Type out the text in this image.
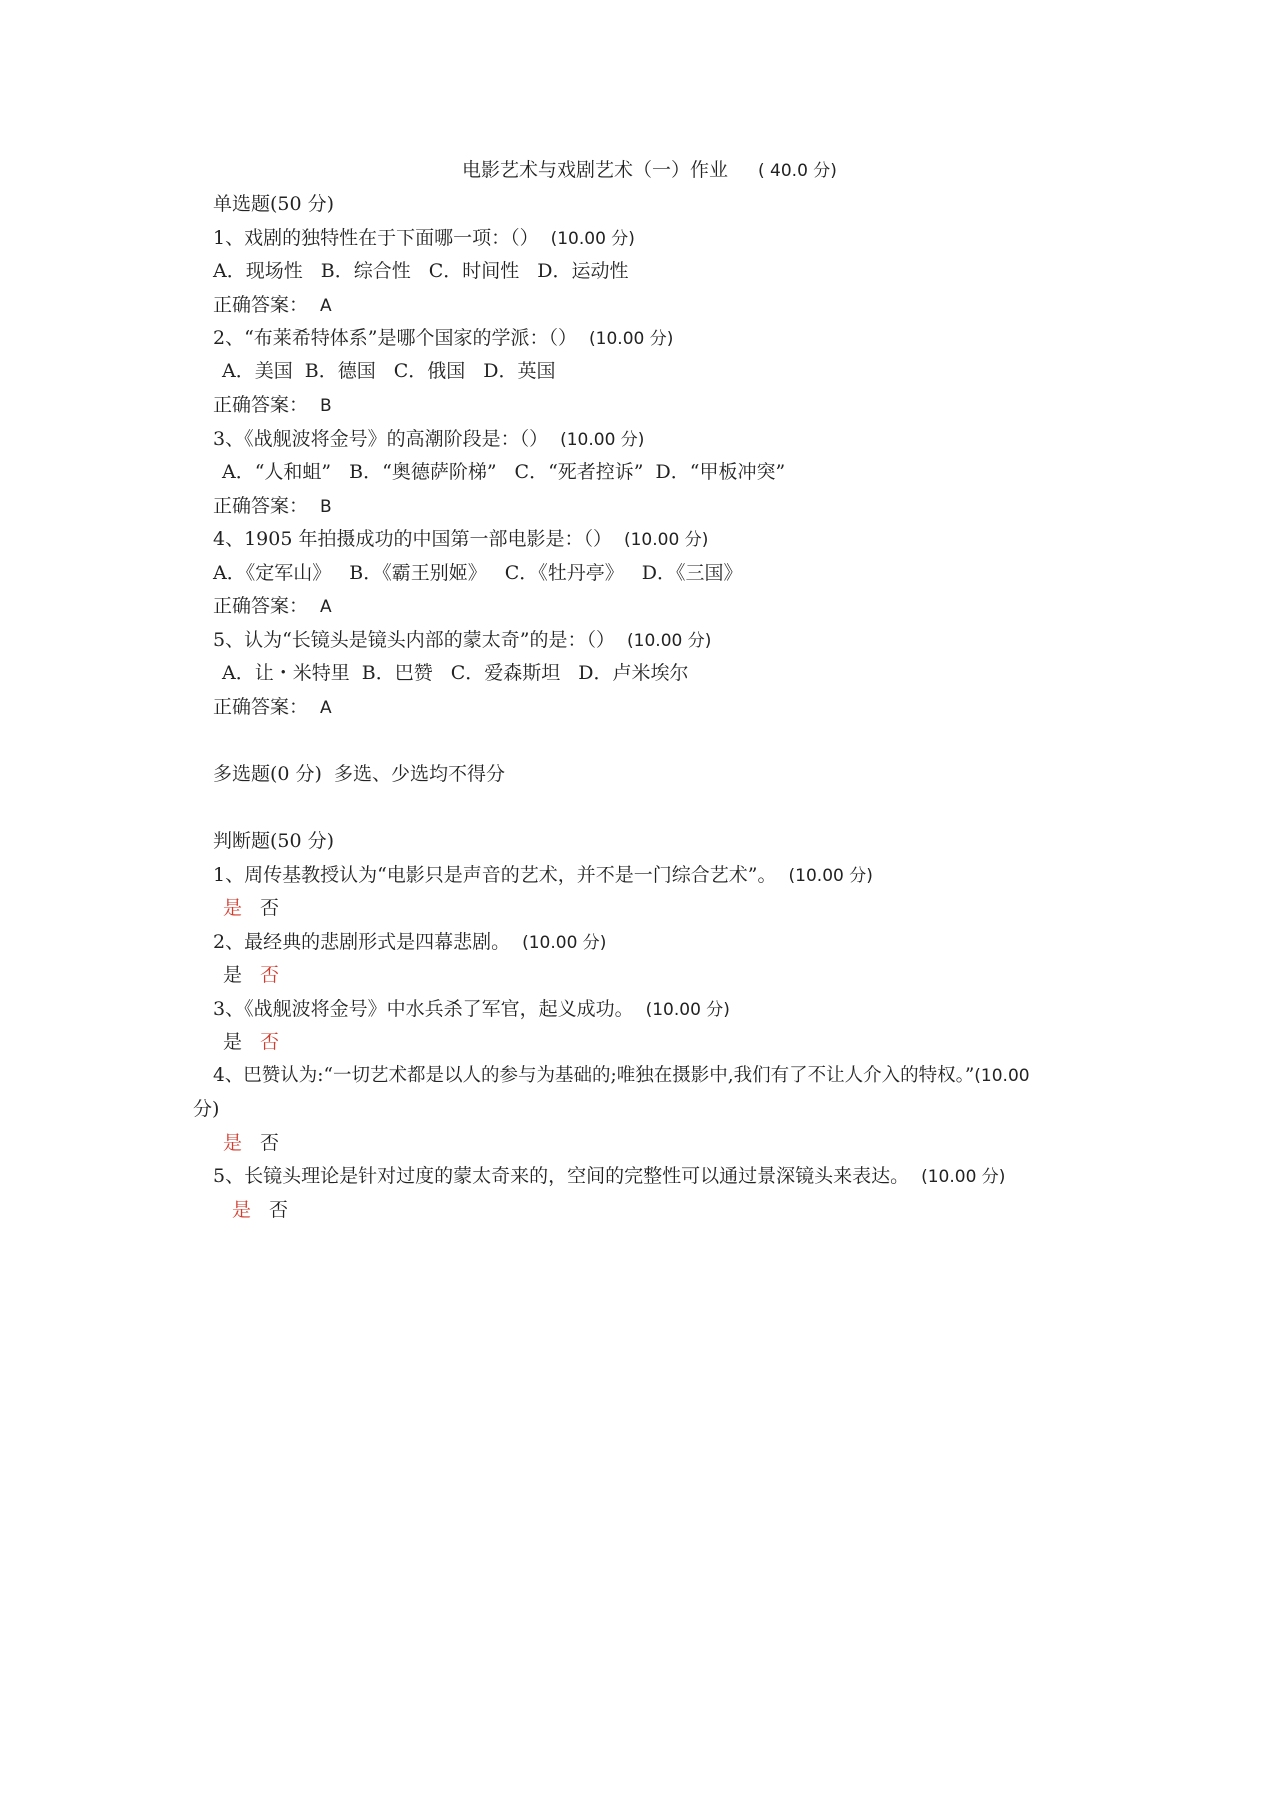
电影艺术与戏剧艺术（一）作业 ( 40.0 分)
单选题(50 分)
1、戏剧的独特性在于下面哪一项：（） (10.00 分)
A．现场性 B．综合性 C．时间性 D．运动性
正确答案： A
2、“布莱希特体系”是哪个国家的学派：（） (10.00 分)
A．美国 B．德国 C．俄国 D．英国
正确答案： B
3、《战舰波将金号》的高潮阶段是：（） (10.00 分)
A．“人和蛆” B．“奥德萨阶梯” C．“死者控诉” D．“甲板冲突”
正确答案： B
4、1905 年拍摄成功的中国第一部电影是：（） (10.00 分)
A．《定军山》 B．《霸王别姬》 C．《牡丹亭》 D．《三国》
正确答案： A
5、认为“长镜头是镜头内部的蒙太奇”的是：（） (10.00 分)
A．让・米特里 B．巴赞 C．爱森斯坦 D．卢米埃尔
正确答案： A
多选题(0 分) 多选、少选均不得分
判断题(50 分)
1、周传基教授认为“电影只是声音的艺术，并不是一门综合艺术”。 (10.00 分)
是 否
2、最经典的悲剧形式是四幕悲剧。 (10.00 分)
是 否
3、《战舰波将金号》中水兵杀了军官，起义成功。 (10.00 分)
是 否
4、巴赞认为:“一切艺术都是以人的参与为基础的;唯独在摄影中,我们有了不让人介入的特权。”(10.00
分)
是 否
5、长镜头理论是针对过度的蒙太奇来的，空间的完整性可以通过景深镜头来表达。 (10.00 分)
是 否
